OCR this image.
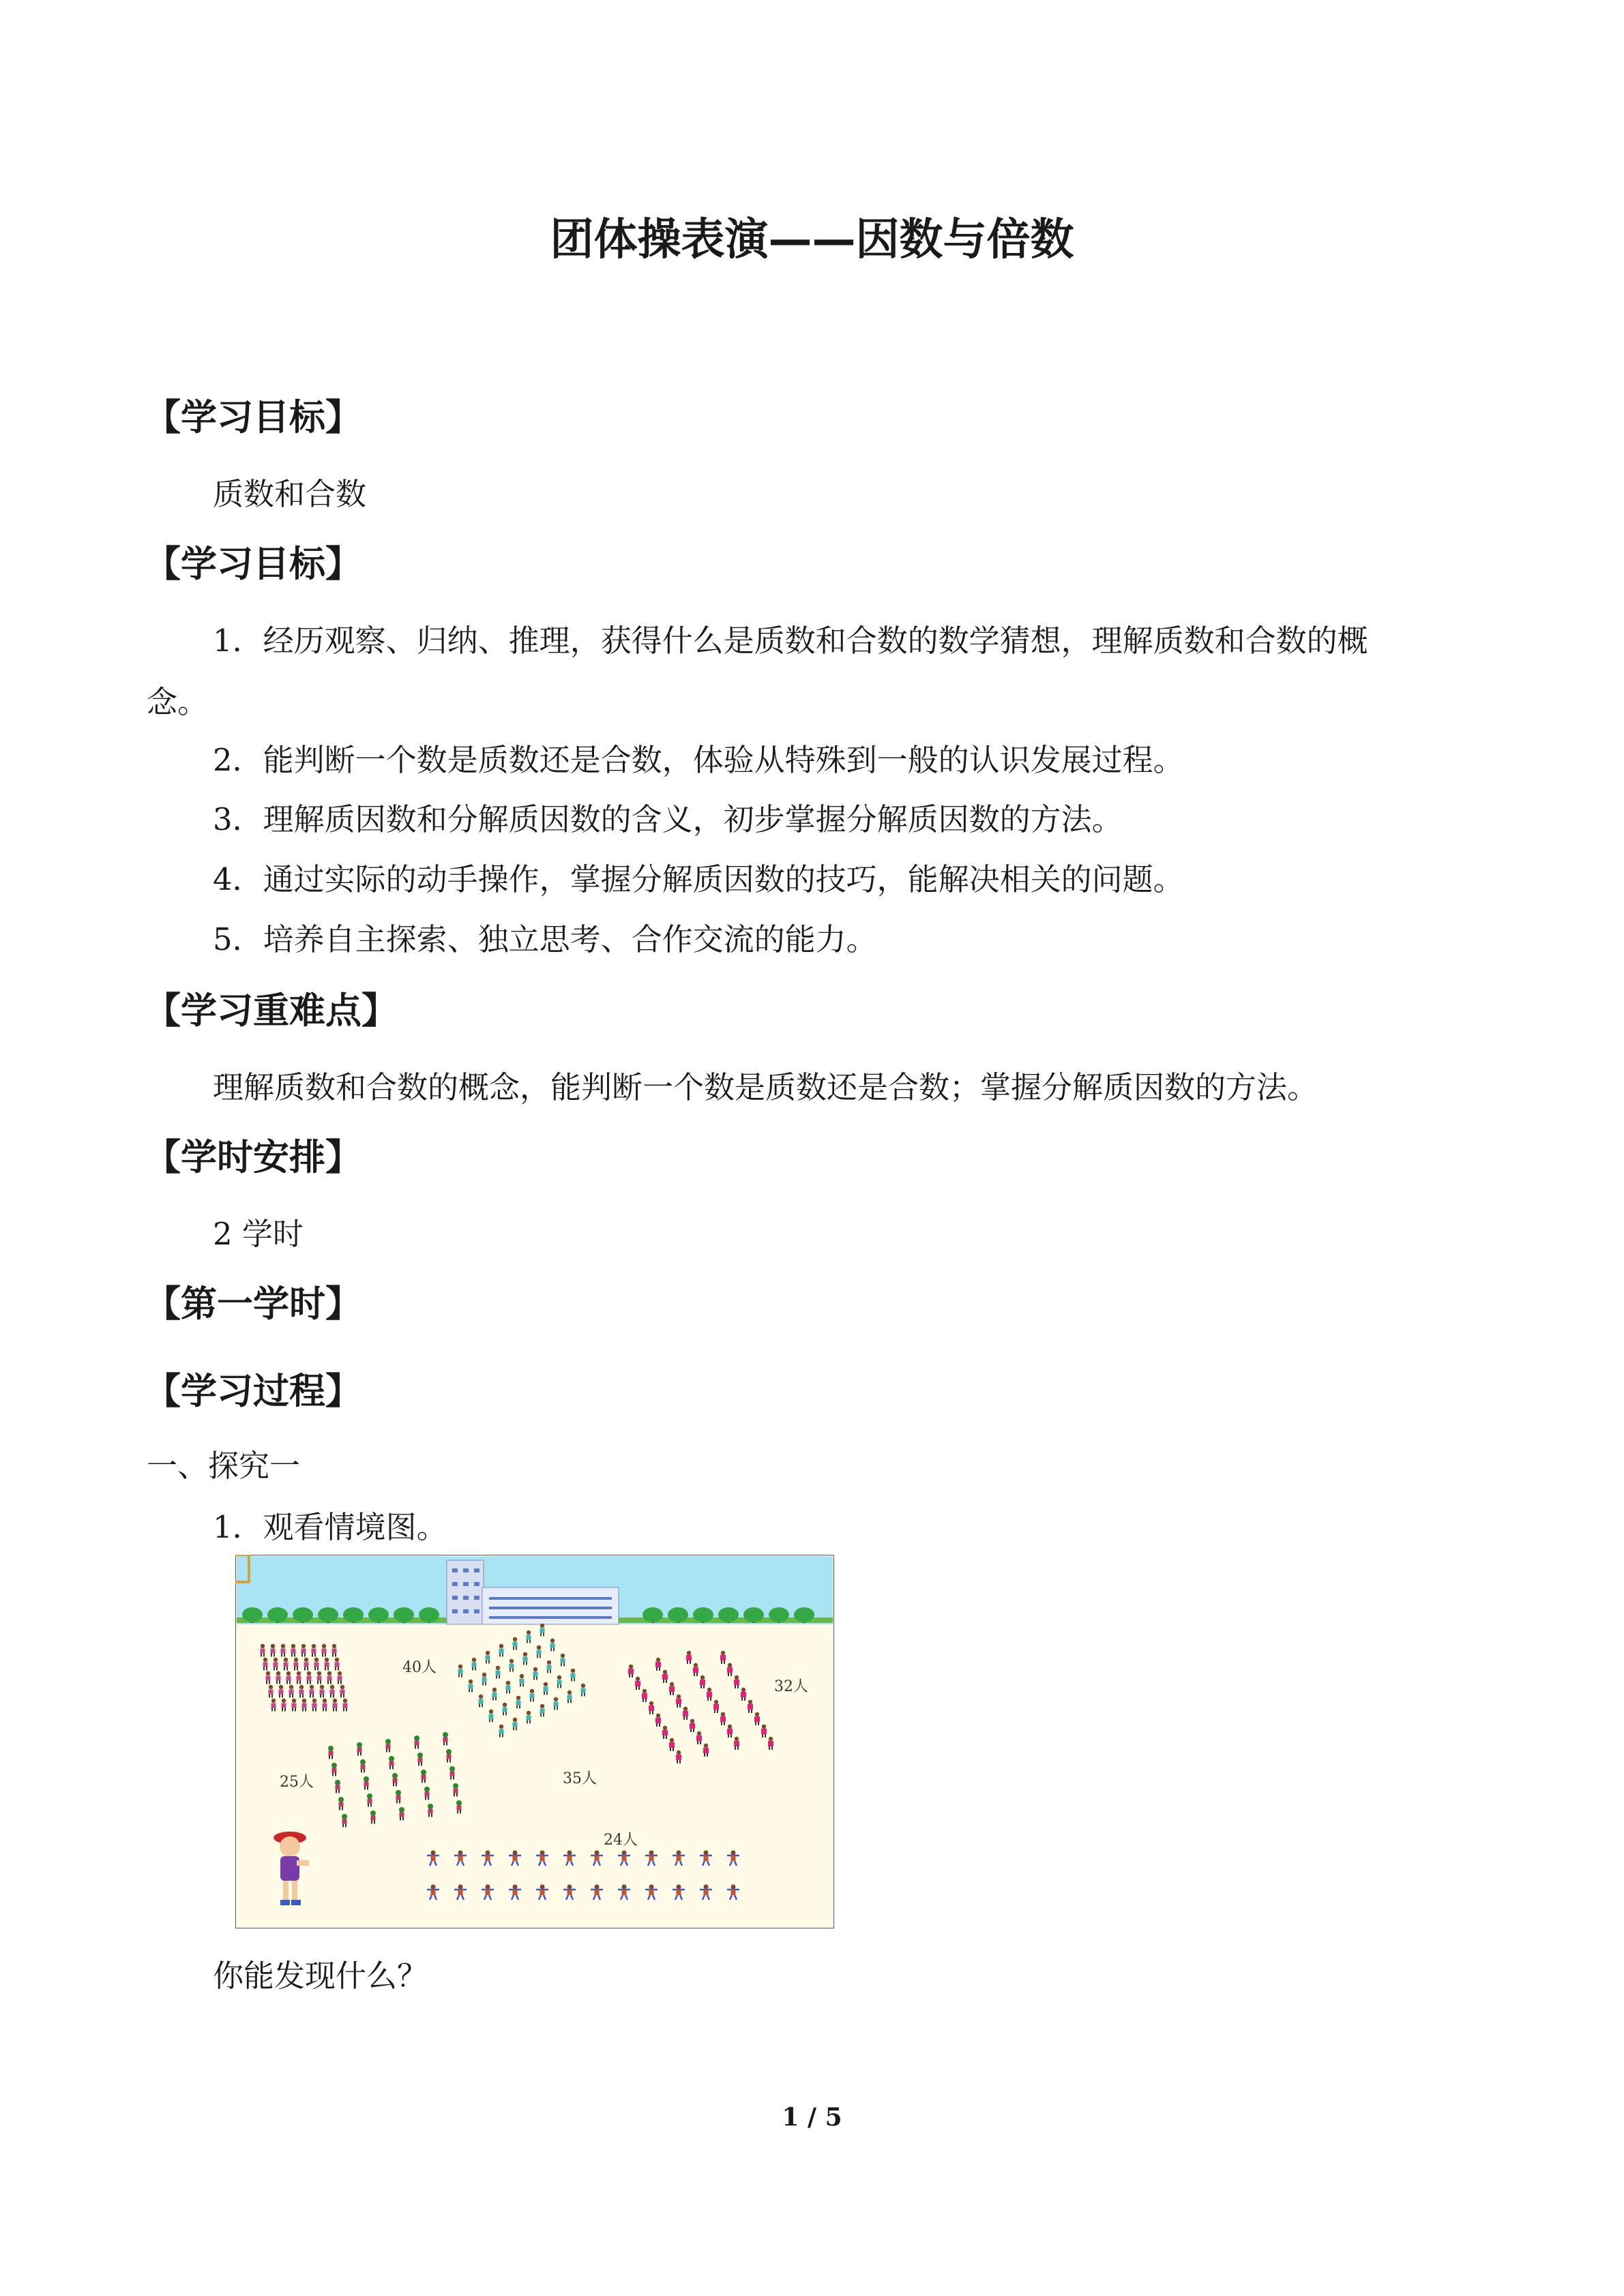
团体操表演——因数与倍数
【学习目标】
质数和合数
【学习目标】
1．经历观察、归纳、推理，获得什么是质数和合数的数学猜想，理解质数和合数的概
念。
2．能判断一个数是质数还是合数，体验从特殊到一般的认识发展过程。
3．理解质因数和分解质因数的含义，初步掌握分解质因数的方法。
4．通过实际的动手操作，掌握分解质因数的技巧，能解决相关的问题。
5．培养自主探索、独立思考、合作交流的能力。
【学习重难点】
理解质数和合数的概念，能判断一个数是质数还是合数；掌握分解质因数的方法。
【学时安排】
2 学时
【第一学时】
【学习过程】
一、探究一
1．观看情境图。
40人
32人
25人	35人
24人
你能发现什么？
1 / 5
